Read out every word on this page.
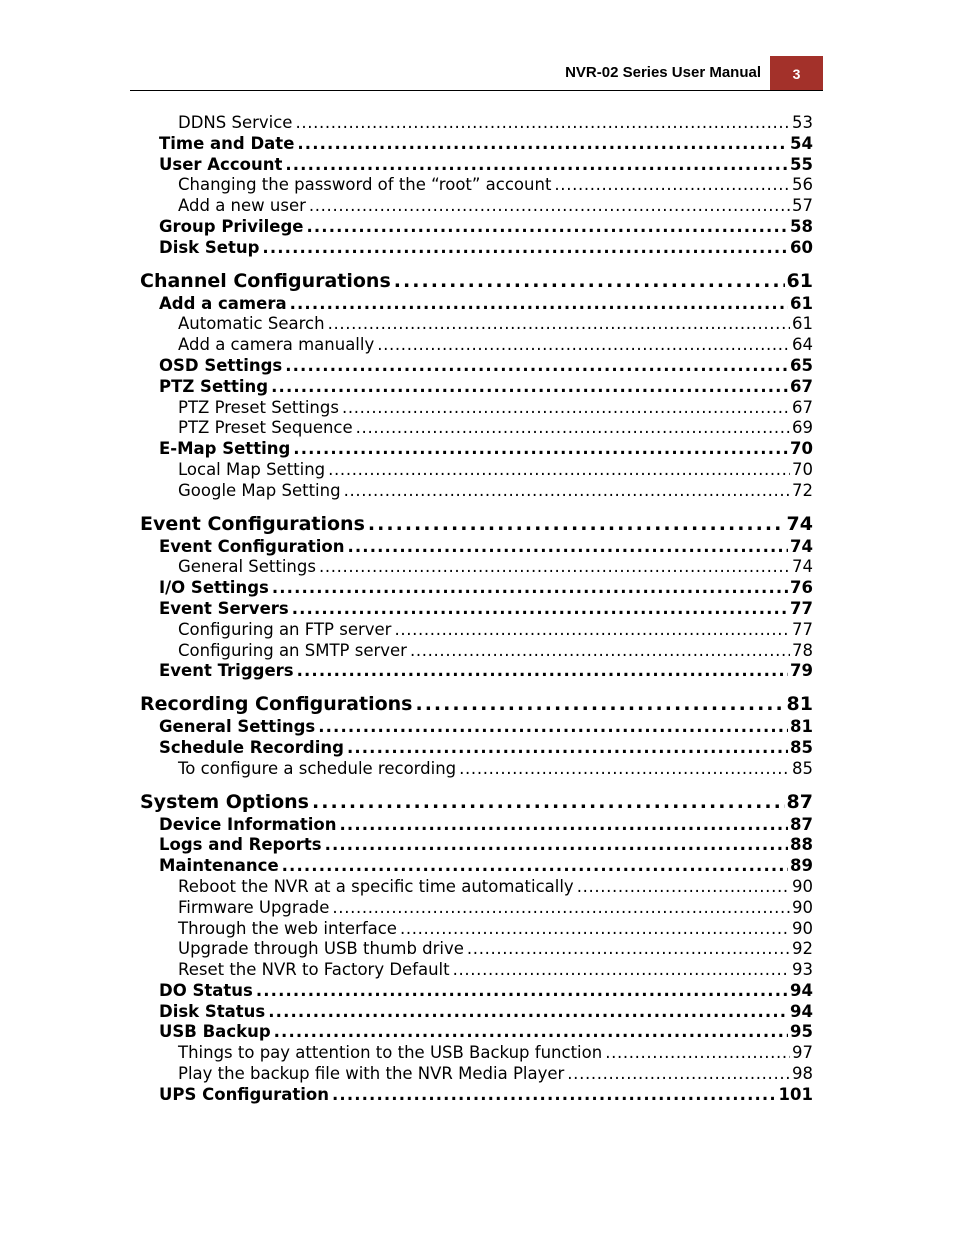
NVR-02 Series User Manual	3
DDNS Service . . .	53
Time and Date . . .	54
User Account . . .	55
Changing the password of the “root” account . . .	56
Add a new user . . .	57
Group Privilege . . .	58
Disk Setup . . .	60
Channel Configurations . . .	61
Add a camera . . .	61
Automatic Search . . .	61
Add a camera manually . . .	64
OSD Settings . . .	65
PTZ Setting . . .	67
PTZ Preset Settings . . .	67
PTZ Preset Sequence . . .	69
E-Map Setting . . .	70
Local Map Setting . . .	70
Google Map Setting . . .	72
Event Configurations . . .	74
Event Configuration . . .	74
General Settings . . .	74
I/O Settings . . .	76
Event Servers . . .	77
Configuring an FTP server . . .	77
Configuring an SMTP server . . .	78
Event Triggers . . .	79
Recording Configurations . . .	81
General Settings . . .	81
Schedule Recording . . .	85
To configure a schedule recording . . .	85
System Options . . .	87
Device Information . . .	87
Logs and Reports . . .	88
Maintenance . . .	89
Reboot the NVR at a specific time automatically . . .	90
Firmware Upgrade . . .	90
Through the web interface . . .	90
Upgrade through USB thumb drive . . .	92
Reset the NVR to Factory Default . . .	93
DO Status . . .	94
Disk Status . . .	94
USB Backup . . .	95
Things to pay attention to the USB Backup function . . .	97
Play the backup file with the NVR Media Player . . .	98
UPS Configuration . . .	101
